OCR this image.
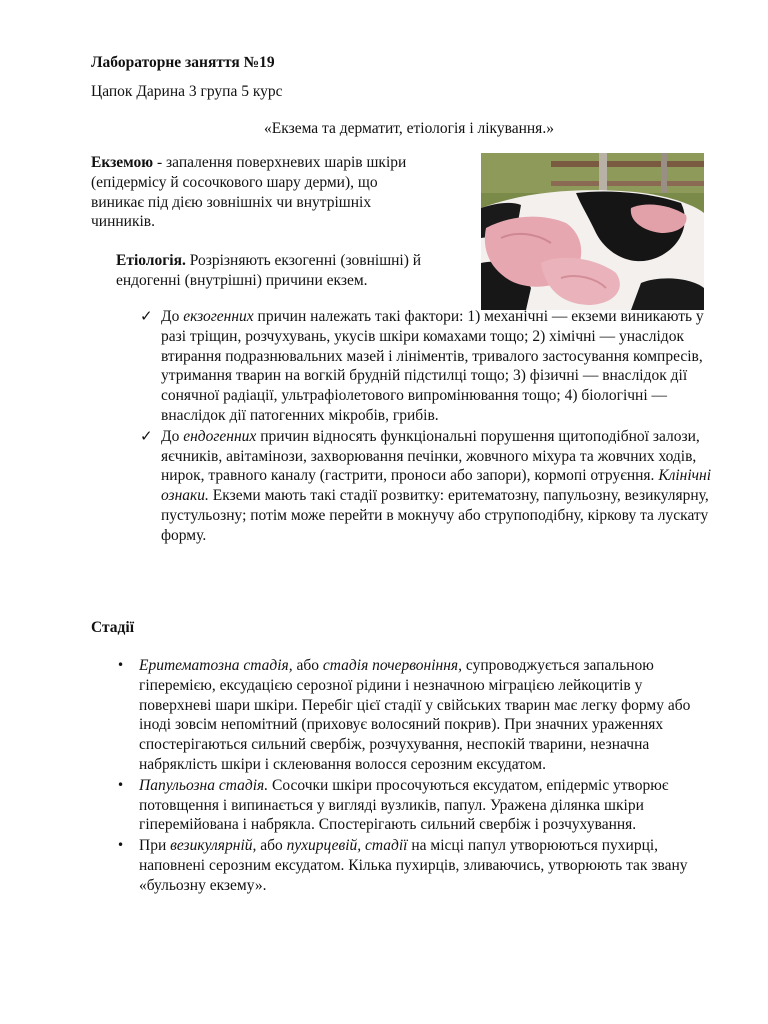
Лабораторне заняття №19
Цапок Дарина 3 група 5 курс
«Екзема та дерматит, етіологія і лікування.»
Екземою - запалення поверхневих шарів шкіри (епідермісу й сосочкового шару дерми), що виникає під дією зовнішніх чи внутрішніх чинників.
Етіологія. Розрізняють екзогенні (зовнішні) й ендогенні (внутрішні) причини екзем.
✓ До екзогенних причин належать такі фактори: 1) механічні — екземи виникають у разі тріщин, розчухувань, укусів шкіри комахами тощо; 2) хімічні — унаслідок втирання подразнювальних мазей і лініментів, тривалого застосування компресів, утримання тварин на вогкій брудній підстилці тощо; 3) фізичні — внаслідок дії сонячної радіації, ультрафіолетового випромінювання тощо; 4) біологічні — внаслідок дії патогенних мікробів, грибів.
✓ До ендогенних причин відносять функціональні порушення щитоподібної залози, яєчників, авітамінози, захворювання печінки, жовчного міхура та жовчних ходів, нирок, травного каналу (гастрити, проноси або запори), кормопі отруєння. Клінічні ознаки. Екземи мають такі стадії розвитку: еритематозну, папульозну, везикулярну, пустульозну; потім може перейти в мокнучу або струпоподібну, кіркову та лускату форму.
Стадії
• Еритематозна стадія, або стадія почервоніння, супроводжується запальною гіперемією, ексудацією серозної рідини і незначною міграцією лейкоцитів у поверхневі шари шкіри. Перебіг цієї стадії у свійських тварин має легку форму або іноді зовсім непомітний (приховує волосяний покрив). При значних ураженнях спостерігаються сильний свербіж, розчухування, неспокій тварини, незначна набряклість шкіри і склеювання волосся серозним ексудатом.
• Папульозна стадія. Сосочки шкіри просочуються ексудатом, епідерміс утворює потовщення і випинається у вигляді вузликів, папул. Уражена ділянка шкіри гіперемійована і набрякла. Спостерігають сильний свербіж і розчухування.
• При везикулярній, або пухирцевій, стадії на місці папул утворюються пухирці, наповнені серозним ексудатом. Кілька пухирців, зливаючись, утворюють так звану «бульозну екзему».
